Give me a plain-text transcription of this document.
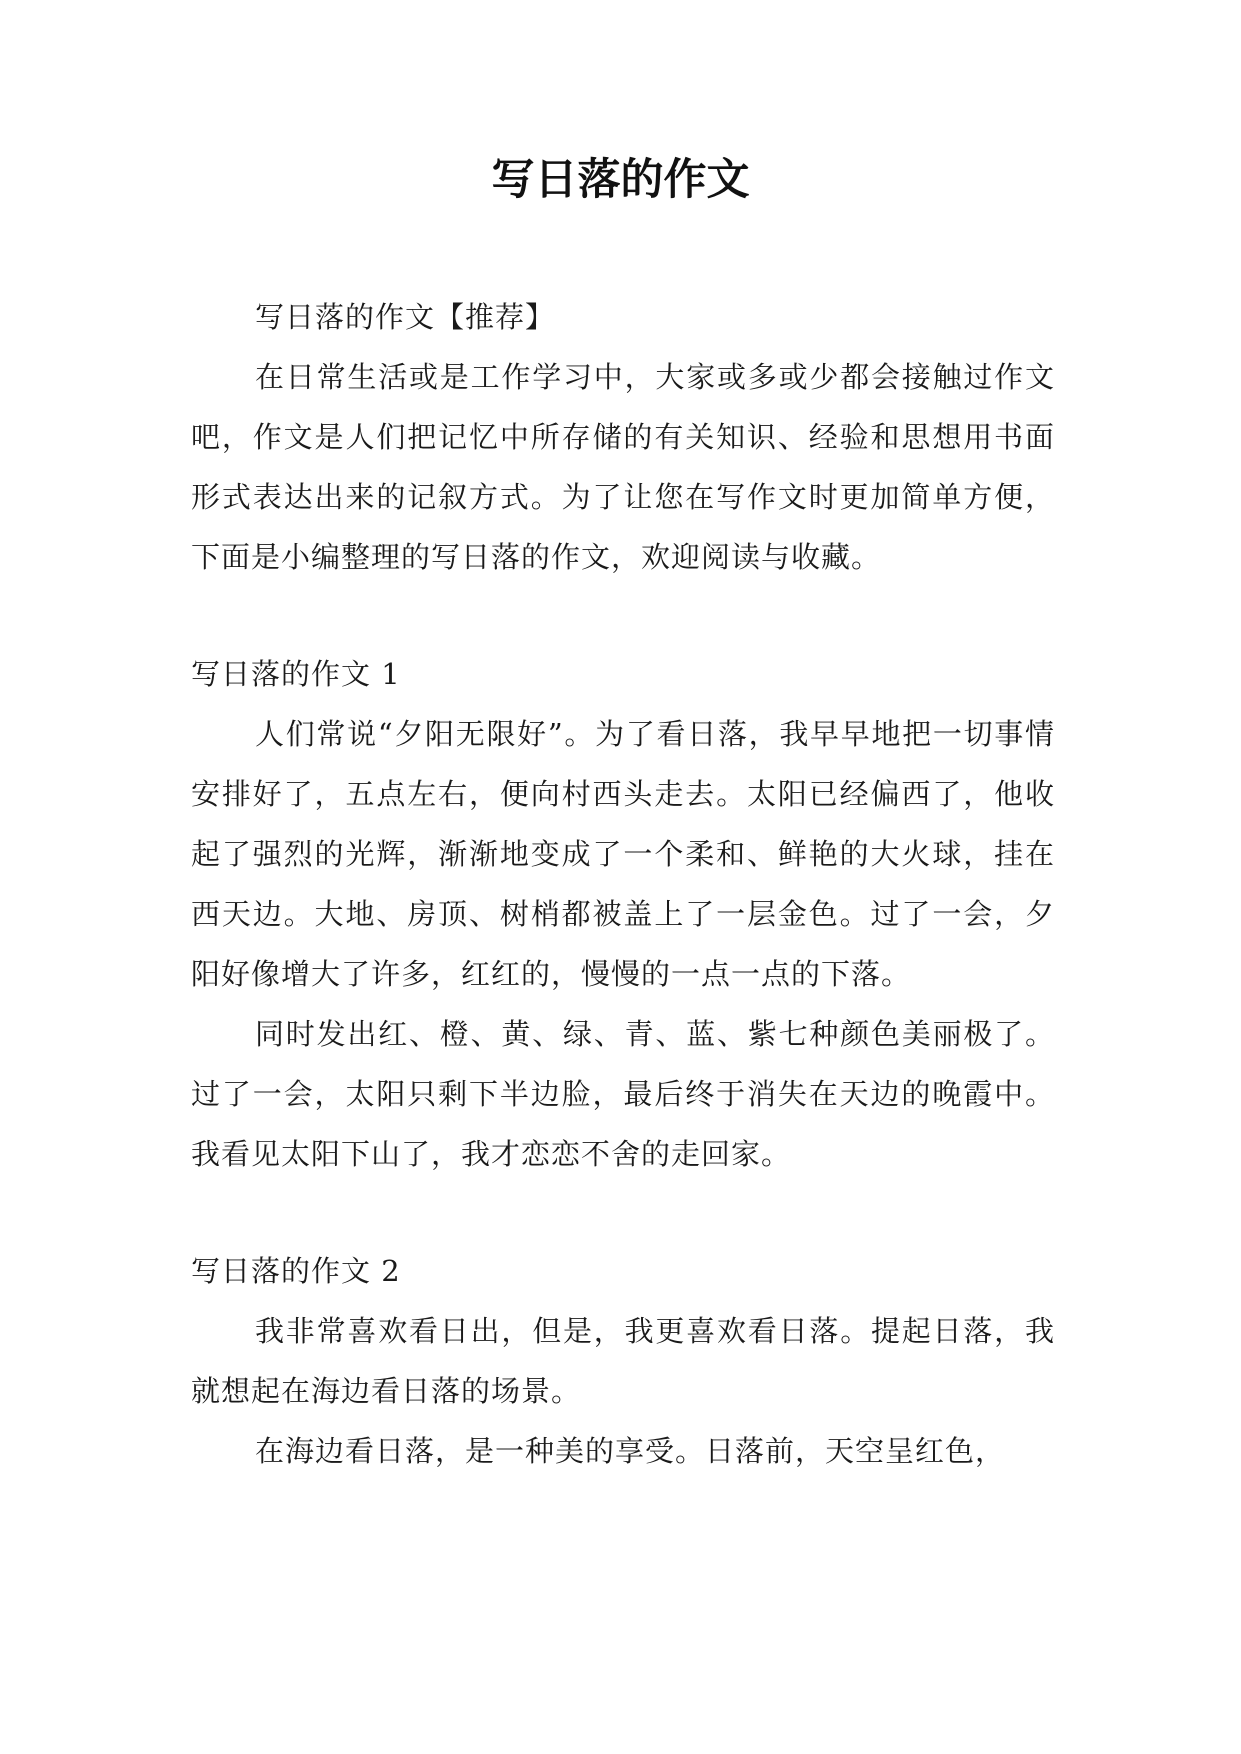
写日落的作文

写日落的作文【推荐】

在日常生活或是工作学习中，大家或多或少都会接触过作文吧，作文是人们把记忆中所存储的有关知识、经验和思想用书面形式表达出来的记叙方式。为了让您在写作文时更加简单方便，下面是小编整理的写日落的作文，欢迎阅读与收藏。

写日落的作文 1

人们常说“夕阳无限好”。为了看日落，我早早地把一切事情安排好了，五点左右，便向村西头走去。太阳已经偏西了，他收起了强烈的光辉，渐渐地变成了一个柔和、鲜艳的大火球，挂在西天边。大地、房顶、树梢都被盖上了一层金色。过了一会，夕阳好像增大了许多，红红的，慢慢的一点一点的下落。

同时发出红、橙、黄、绿、青、蓝、紫七种颜色美丽极了。过了一会，太阳只剩下半边脸，最后终于消失在天边的晚霞中。我看见太阳下山了，我才恋恋不舍的走回家。

写日落的作文 2

我非常喜欢看日出，但是，我更喜欢看日落。提起日落，我就想起在海边看日落的场景。

在海边看日落，是一种美的享受。日落前，天空呈红色，
